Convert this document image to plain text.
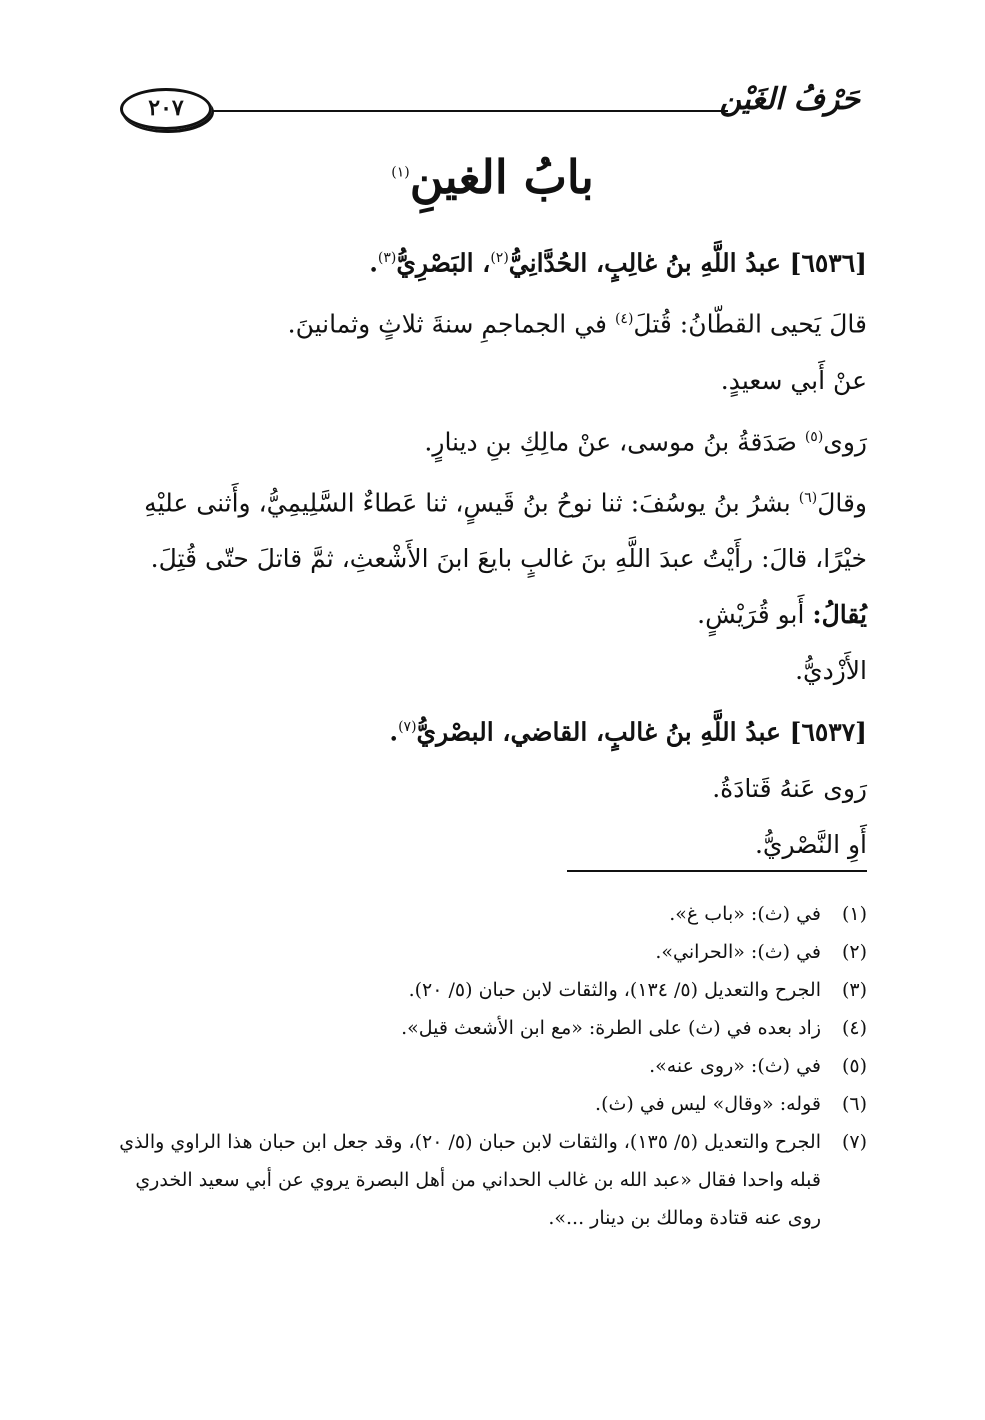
حَرْفُ الغَيْن
٢٠٧
بابُ الغينِ$^{(١)}$
[٦٥٣٦] عبدُ اللَّهِ بنُ غالِبٍ، الحُدَّانِيُّ$^{(٢)}$، البَصْرِيُّ$^{(٣)}$.
قالَ يَحيى القطّانُ: قُتلَ$^{(٤)}$ في الجماجمِ سنةَ ثلاثٍ وثمانينَ.
عنْ أَبي سعيدٍ.
رَوى$^{(٥)}$ صَدَقةُ بنُ موسى، عنْ مالِكِ بنِ دينارٍ.
وقالَ$^{(٦)}$ بشرُ بنُ يوسُفَ: ثنا نوحُ بنُ قَيسٍ، ثنا عَطاءٌ السَّلِيمِيُّ، وأَثنى عليْهِ
خيْرًا، قالَ: رأَيْتُ عبدَ اللَّهِ بنَ غالبٍ بايعَ ابنَ الأَشْعثِ، ثمَّ قاتلَ حتّى قُتِلَ.
يُقالُ: أَبو قُرَيْشٍ.
الأَزْديُّ.
[٦٥٣٧] عبدُ اللَّهِ بنُ غالبٍ، القاضي، البصْريُّ$^{(٧)}$.
رَوى عَنهُ قَتادَةُ.
أَوِ النَّصْريُّ.
(١)
في (ث): «باب غ».
(٢)
في (ث): «الحراني».
(٣)
الجرح والتعديل (٥/ ١٣٤)، والثقات لابن حبان (٥/ ٢٠).
(٤)
زاد بعده في (ث) على الطرة: «مع ابن الأشعث قيل».
(٥)
في (ث): «روى عنه».
(٦)
قوله: «وقال» ليس في (ث).
(٧)
الجرح والتعديل (٥/ ١٣٥)، والثقات لابن حبان (٥/ ٢٠)، وقد جعل ابن حبان هذا الراوي والذي قبله واحدا فقال «عبد الله بن غالب الحداني من أهل البصرة يروي عن أبي سعيد الخدري روى عنه قتادة ومالك بن دينار ...».
